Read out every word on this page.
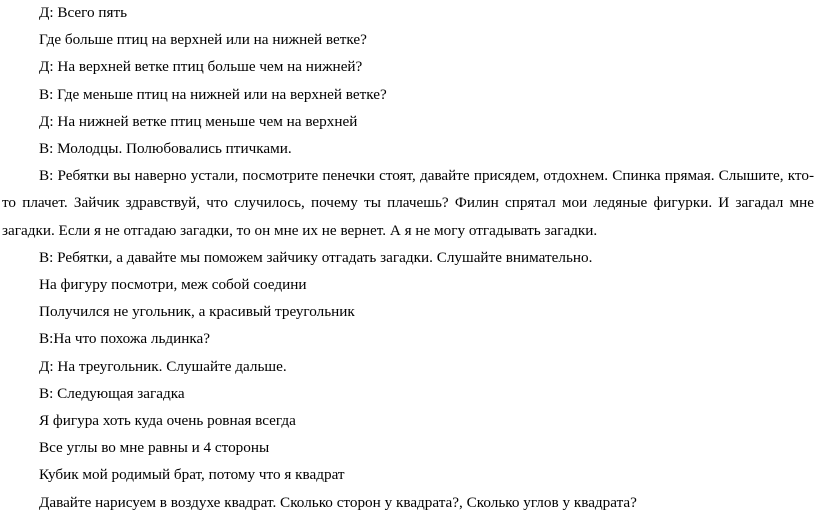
Д: Всего пять

Где больше птиц на верхней или на нижней ветке?

Д: На верхней ветке птиц больше чем на нижней?

В: Где меньше птиц на нижней или на верхней ветке?

Д: На нижней ветке птиц меньше чем на верхней

В: Молодцы. Полюбовались птичками.

В: Ребятки вы наверно устали, посмотрите пенечки стоят, давайте присядем, отдохнем. Спинка прямая. Слышите, кто-то плачет. Зайчик здравствуй, что случилось, почему ты плачешь? Филин спрятал мои ледяные фигурки. И загадал мне загадки. Если я не отгадаю загадки, то он мне их не вернет. А я не могу отгадывать загадки.

В: Ребятки, а давайте мы поможем зайчику отгадать загадки. Слушайте внимательно.

На фигуру посмотри, меж собой соедини

Получился не угольник, а красивый треугольник

В:На что похожа льдинка?

Д: На треугольник. Слушайте дальше.

В: Следующая загадка

Я фигура хоть куда очень ровная всегда

Все углы во мне равны и 4 стороны

Кубик мой родимый брат, потому что я квадрат

Давайте нарисуем в воздухе квадрат. Сколько сторон у квадрата?, Сколько углов у квадрата?
